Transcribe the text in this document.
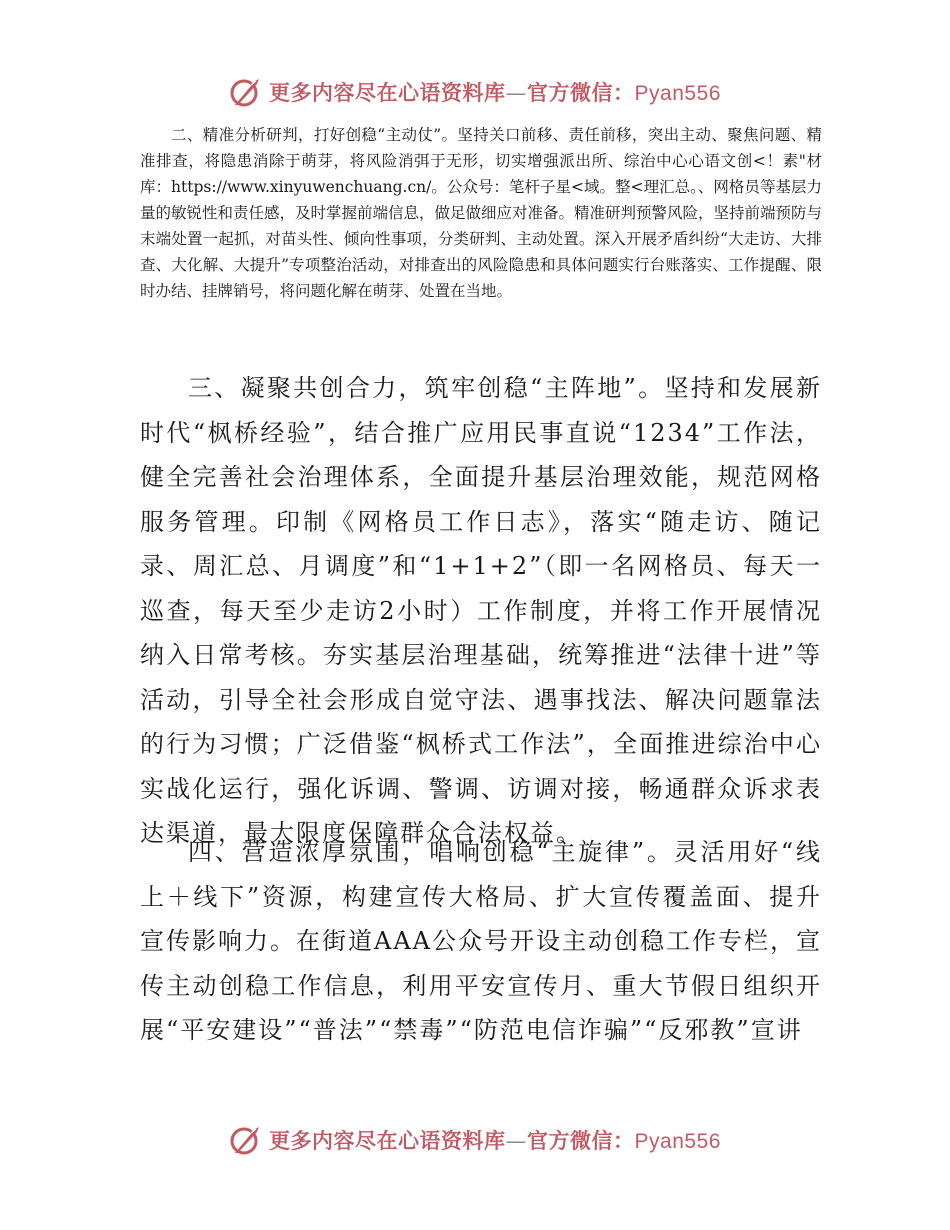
更多内容尽在心语资料库—官方微信：Pyan556

二、精准分析研判，打好创稳“主动仗”。坚持关口前移、责任前移，突出主动、聚焦问题、精准排查，将隐患消除于萌芽，将风险消弭于无形，切实增强派出所、综治中心心语文创<！素"材库：https://www.xinyuwenchuang.cn/。公众号：笔杆子星<域。整<理汇总。、网格员等基层力量的敏锐性和责任感，及时掌握前端信息，做足做细应对准备。精准研判预警风险，坚持前端预防与末端处置一起抓，对苗头性、倾向性事项，分类研判、主动处置。深入开展矛盾纠纷“大走访、大排查、大化解、大提升”专项整治活动，对排查出的风险隐患和具体问题实行台账落实、工作提醒、限时办结、挂牌销号，将问题化解在萌芽、处置在当地。

三、凝聚共创合力，筑牢创稳“主阵地”。坚持和发展新时代“枫桥经验”，结合推广应用民事直说“1234”工作法，健全完善社会治理体系，全面提升基层治理效能，规范网格服务管理。印制《网格员工作日志》，落实“随走访、随记录、周汇总、月调度”和“1+1+2”（即一名网格员、每天一巡查，每天至少走访2小时）工作制度，并将工作开展情况纳入日常考核。夯实基层治理基础，统筹推进“法律十进”等活动，引导全社会形成自觉守法、遇事找法、解决问题靠法的行为习惯；广泛借鉴“枫桥式工作法”，全面推进综治中心实战化运行，强化诉调、警调、访调对接，畅通群众诉求表达渠道，最大限度保障群众合法权益。

四、营造浓厚氛围，唱响创稳“主旋律”。灵活用好“线上＋线下”资源，构建宣传大格局、扩大宣传覆盖面、提升宣传影响力。在街道AAA公众号开设主动创稳工作专栏，宣传主动创稳工作信息，利用平安宣传月、重大节假日组织开展“平安建设”“普法”“禁毒”“防范电信诈骗”“反邪教”宣讲

更多内容尽在心语资料库—官方微信：Pyan556
